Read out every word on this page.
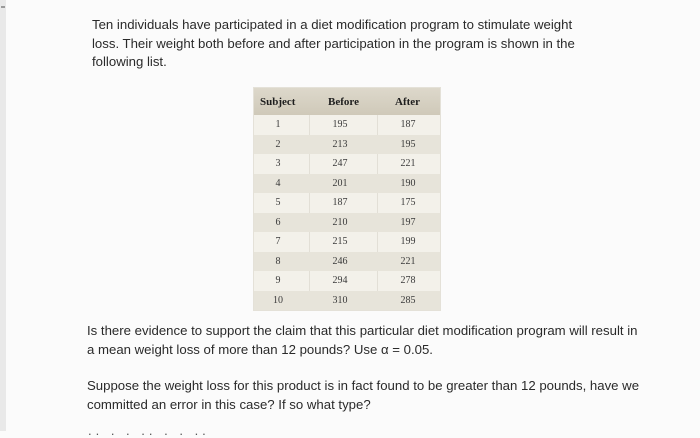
Ten individuals have participated in a diet modification program to stimulate weight loss. Their weight both before and after participation in the program is shown in the following list.

Subject	Before	After
1	195	187
2	213	195
3	247	221
4	201	190
5	187	175
6	210	197
7	215	199
8	246	221
9	294	278
10	310	285

Is there evidence to support the claim that this particular diet modification program will result in a mean weight loss of more than 12 pounds? Use α = 0.05.

Suppose the weight loss for this product is in fact found to be greater than 12 pounds, have we committed an error in this case? If so what type?

.. . . .. . . ..
